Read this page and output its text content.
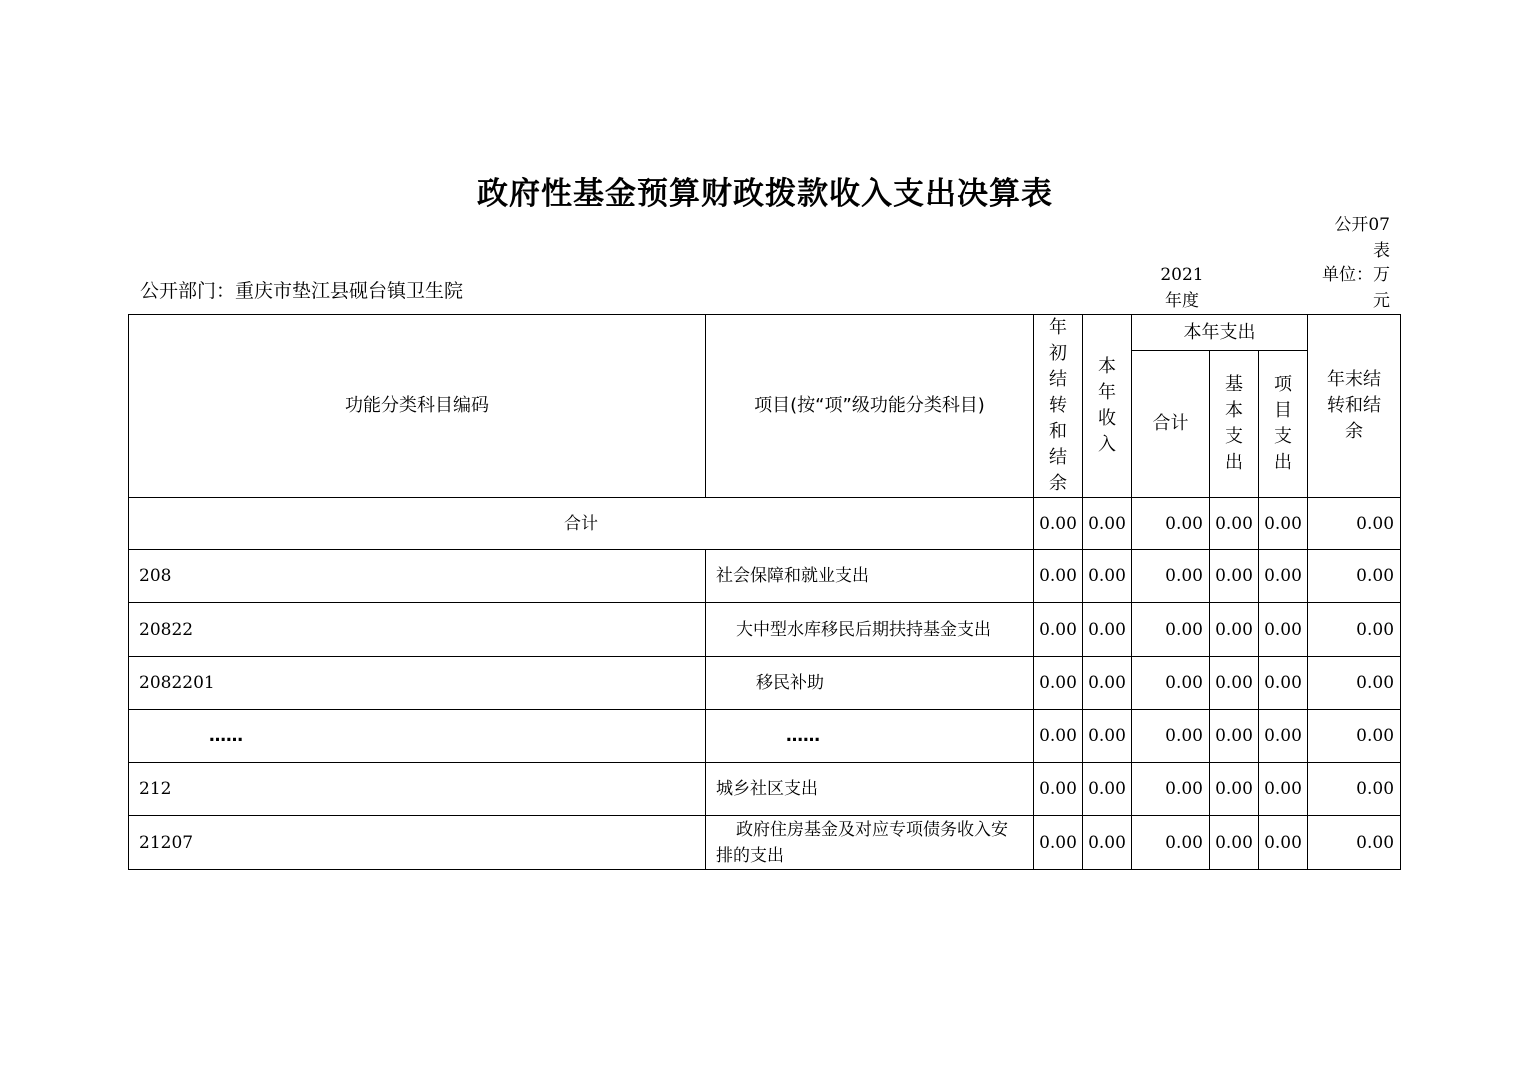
政府性基金预算财政拨款收入支出决算表
公开07表
公开部门：重庆市垫江县砚台镇卫生院
2021年度
单位：万元
功能分类科目编码	项目(按“项”级功能分类科目)	年初结转和结余	本年收入	本年支出			年末结转和结余
				合计	基本支出	项目支出	
合计		0.00	0.00	0.00	0.00	0.00	0.00
208	社会保障和就业支出	0.00	0.00	0.00	0.00	0.00	0.00
20822	大中型水库移民后期扶持基金支出	0.00	0.00	0.00	0.00	0.00	0.00
2082201	移民补助	0.00	0.00	0.00	0.00	0.00	0.00
……	……	0.00	0.00	0.00	0.00	0.00	0.00
212	城乡社区支出	0.00	0.00	0.00	0.00	0.00	0.00
21207	政府住房基金及对应专项债务收入安排的支出	0.00	0.00	0.00	0.00	0.00	0.00
